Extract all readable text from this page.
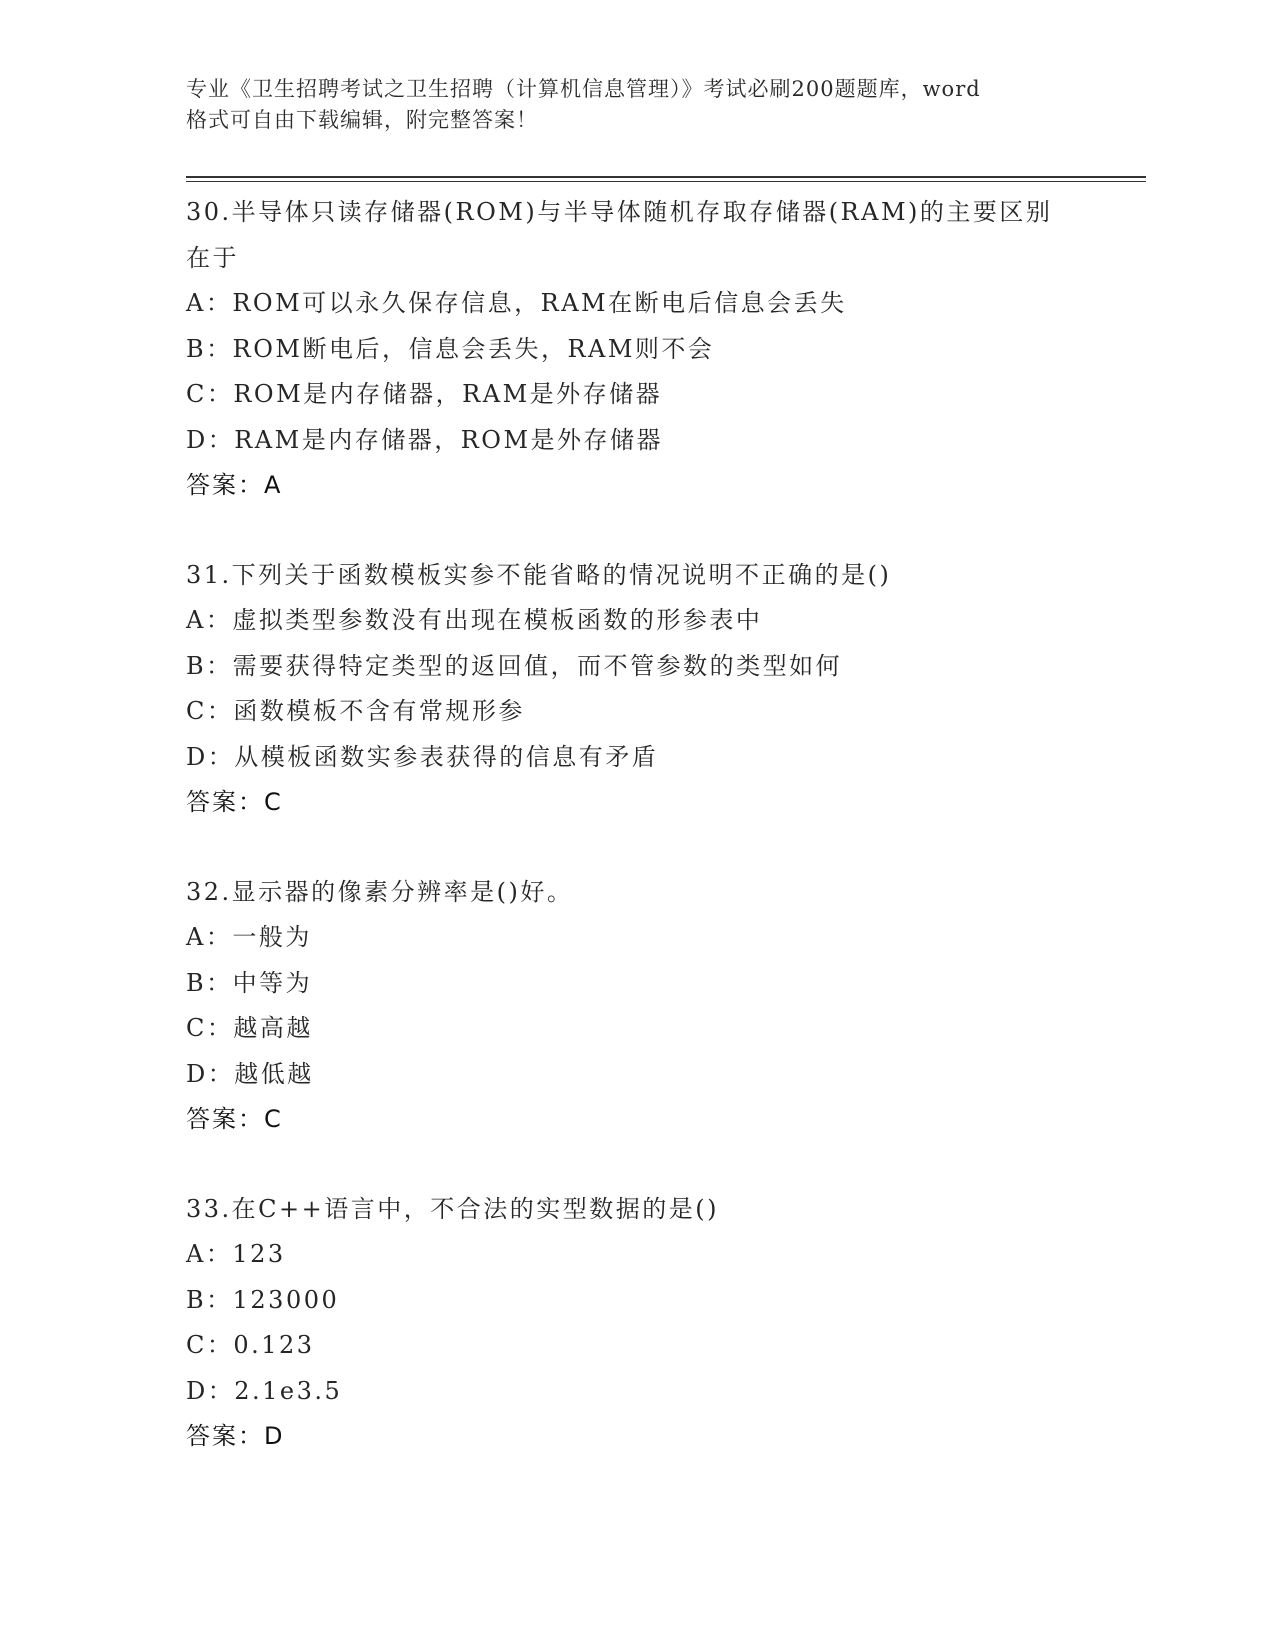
专业《卫生招聘考试之卫生招聘（计算机信息管理）》考试必刷200题题库，word
格式可自由下载编辑，附完整答案！
30.半导体只读存储器(ROM)与半导体随机存取存储器(RAM)的主要区别
在于
A：ROM可以永久保存信息，RAM在断电后信息会丢失
B：ROM断电后，信息会丢失，RAM则不会
C：ROM是内存储器，RAM是外存储器
D：RAM是内存储器，ROM是外存储器
答案：A
31.下列关于函数模板实参不能省略的情况说明不正确的是()
A：虚拟类型参数没有出现在模板函数的形参表中
B：需要获得特定类型的返回值，而不管参数的类型如何
C：函数模板不含有常规形参
D：从模板函数实参表获得的信息有矛盾
答案：C
32.显示器的像素分辨率是()好。
A：一般为
B：中等为
C：越高越
D：越低越
答案：C
33.在C++语言中，不合法的实型数据的是()
A：123
B：123000
C：0.123
D：2.1e3.5
答案：D
